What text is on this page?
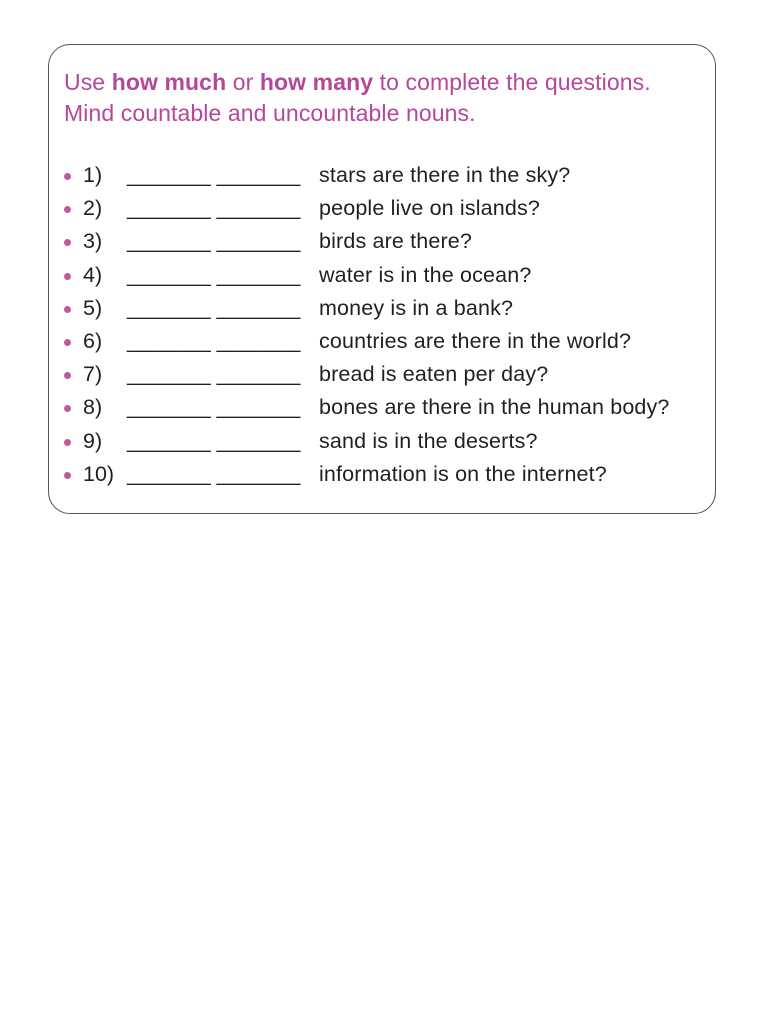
Use how much or how many to complete the questions. Mind countable and uncountable nouns.
1) _______ _______ stars are there in the sky?
2) _______ _______ people live on islands?
3) _______ _______ birds are there?
4) _______ _______ water is in the ocean?
5) _______ _______ money is in a bank?
6) _______ _______ countries are there in the world?
7) _______ _______ bread is eaten per day?
8) _______ _______ bones are there in the human body?
9) _______ _______ sand is in the deserts?
10) _______ _______ information is on the internet?
